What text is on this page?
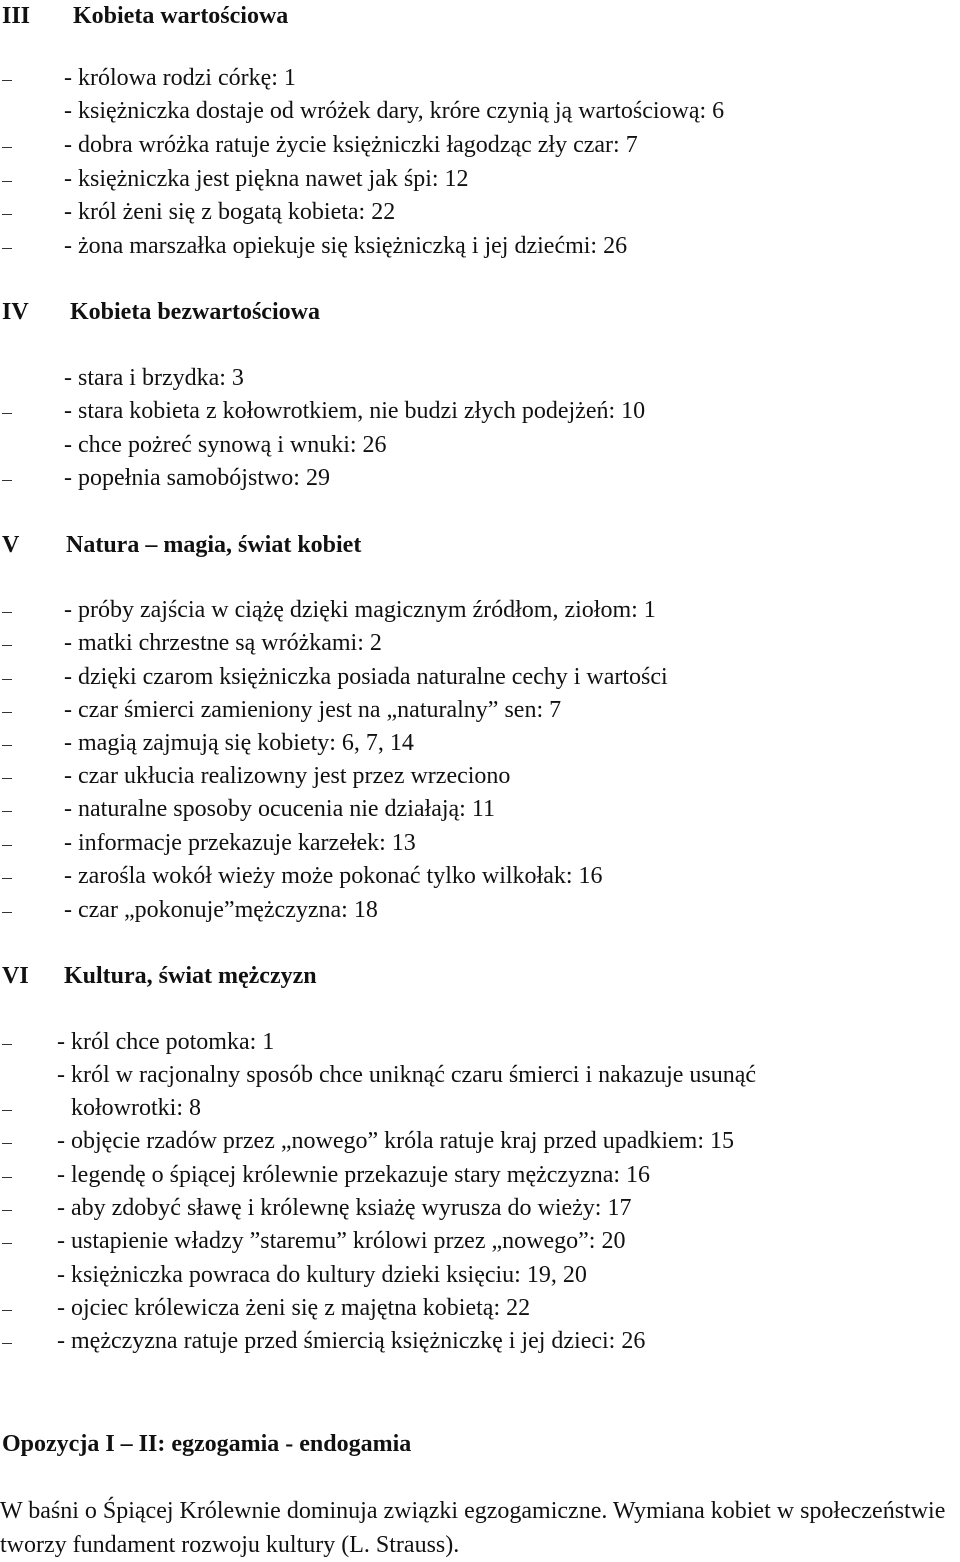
III Kobieta wartościowa
- królowa rodzi córkę: 1
- księżniczka dostaje od wróżek dary, króre czynią ją wartościową: 6
- dobra wróżka ratuje życie księżniczki łagodząc zły czar: 7
- księżniczka jest piękna nawet jak śpi: 12
- król żeni się z bogatą kobieta: 22
- żona marszałka opiekuje się księżniczką i jej dziećmi: 26
IV Kobieta bezwartościowa
- stara i brzydka: 3
- stara kobieta z kołowrotkiem, nie budzi złych podejżeń: 10
- chce pożreć synową i wnuki: 26
- popełnia samobójstwo: 29
V Natura – magia, świat kobiet
- próby zajścia w ciążę dzięki magicznym źródłom, ziołom: 1
- matki chrzestne są wróżkami: 2
- dzięki czarom księżniczka posiada naturalne cechy i wartości
- czar śmierci zamieniony jest na „naturalny” sen: 7
- magią zajmują się kobiety: 6, 7, 14
- czar ukłucia realizowny jest przez wrzeciono
- naturalne sposoby ocucenia nie działają: 11
- informacje przekazuje karzełek: 13
- zarośla wokół wieży może pokonać tylko wilkołak: 16
- czar „pokonuje”mężczyzna: 18
VI Kultura, świat mężczyzn
- król chce potomka: 1
- król w racjonalny sposób chce uniknąć czaru śmierci i nakazuje usunąć
kołowrotki: 8
- objęcie rzadów przez „nowego” króla ratuje kraj przed upadkiem: 15
- legendę o śpiącej królewnie przekazuje stary mężczyzna: 16
- aby zdobyć sławę i królewnę ksiażę wyrusza do wieży: 17
- ustapienie władzy ”staremu” królowi przez „nowego”: 20
- księżniczka powraca do kultury dzieki księciu: 19, 20
- ojciec królewicza żeni się z majętna kobietą: 22
- mężczyzna ratuje przed śmiercią księżniczkę i jej dzieci: 26
Opozycja I – II: egzogamia - endogamia
W baśni o Śpiącej Królewnie dominuja związki egzogamiczne. Wymiana kobiet w społeczeństwie tworzy fundament rozwoju kultury (L. Strauss).
